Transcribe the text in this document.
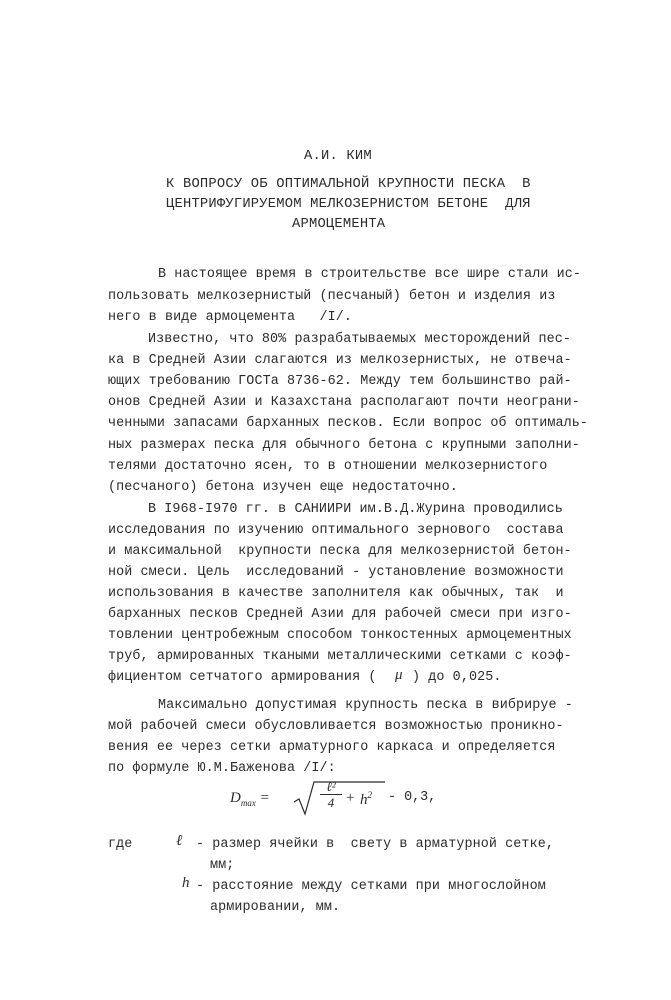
А.И. КИМ
К ВОПРОСУ ОБ ОПТИМАЛЬНОЙ КРУПНОСТИ ПЕСКА  В
ЦЕНТРИФУГИРУЕМОМ МЕЛКОЗЕРНИСТОМ БЕТОНЕ  ДЛЯ
АРМОЦЕМЕНТА
В настоящее время в строительстве все шире стали ис-
пользовать мелкозернистый (песчаный) бетон и изделия из
него в виде армоцемента   /I/.
Известно, что 80% разрабатываемых месторождений пес-
ка в Средней Азии слагаются из мелкозернистых, не отвеча-
ющих требованию ГОСТа 8736-62. Между тем большинство рай-
онов Средней Азии и Казахстана располагают почти неограни-
ченными запасами барханных песков. Если вопрос об оптималь-
ных размерах песка для обычного бетона с крупными заполни-
телями достаточно ясен, то в отношении мелкозернистого
(песчаного) бетона изучен еще недостаточно.
В I968-I970 гг. в САНИИРИ им.В.Д.Журина проводились
исследования по изучению оптимального зернового  состава
и максимальной  крупности песка для мелкозернистой бетон-
ной смеси. Цель  исследований - установление возможности
использования в качестве заполнителя как обычных, так  и
барханных песков Средней Азии для рабочей смеси при изго-
товлении центробежным способом тонкостенных армоцементных
труб, армированных ткаными металлическими сетками с коэф-
фициентом сетчатого армирования ( μ ) до 0,025.
Максимально допустимая крупность песка в вибрируе -
мой рабочей смеси обусловливается возможностью проникно-
вения ее через сетки арматурного каркаса и определяется
по формуле Ю.М.Баженова /I/:
$D_{max}$ =
ℓ²
$4 + h^2 - 0,3$,
где	ℓ - размер ячейки в  свету в арматурной сетке,
мм;
h - расстояние между сетками при многослойном
армировании, мм.
